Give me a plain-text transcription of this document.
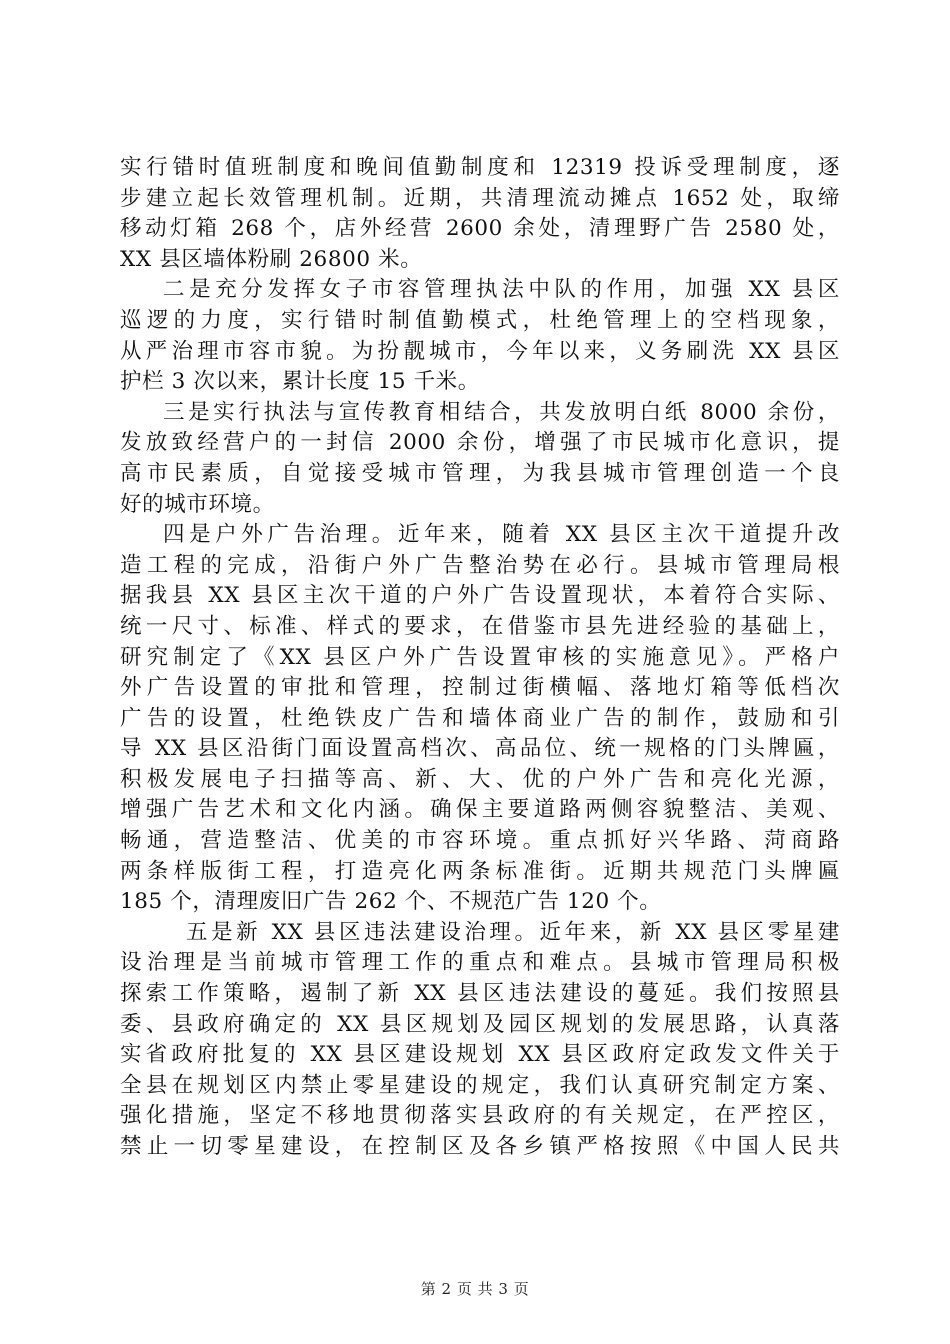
实行错时值班制度和晚间值勤制度和 12319 投诉受理制度，逐
步建立起长效管理机制。近期，共清理流动摊点 1652 处，取缔
移动灯箱 268 个，店外经营 2600 余处，清理野广告 2580 处，
XX 县区墙体粉刷 26800 米。
二是充分发挥女子市容管理执法中队的作用，加强 XX 县区
巡逻的力度，实行错时制值勤模式，杜绝管理上的空档现象，
从严治理市容市貌。为扮靓城市，今年以来，义务刷洗 XX 县区
护栏 3 次以来，累计长度 15 千米。
三是实行执法与宣传教育相结合，共发放明白纸 8000 余份，
发放致经营户的一封信 2000 余份，增强了市民城市化意识，提
高市民素质，自觉接受城市管理，为我县城市管理创造一个良
好的城市环境。
四是户外广告治理。近年来，随着 XX 县区主次干道提升改
造工程的完成，沿街户外广告整治势在必行。县城市管理局根
据我县 XX 县区主次干道的户外广告设置现状，本着符合实际、
统一尺寸、标准、样式的要求，在借鉴市县先进经验的基础上，
研究制定了《XX 县区户外广告设置审核的实施意见》。严格户
外广告设置的审批和管理，控制过街横幅、落地灯箱等低档次
广告的设置，杜绝铁皮广告和墙体商业广告的制作，鼓励和引
导 XX 县区沿街门面设置高档次、高品位、统一规格的门头牌匾，
积极发展电子扫描等高、新、大、优的户外广告和亮化光源，
增强广告艺术和文化内涵。确保主要道路两侧容貌整洁、美观、
畅通，营造整洁、优美的市容环境。重点抓好兴华路、菏商路
两条样版街工程，打造亮化两条标准街。近期共规范门头牌匾
185 个，清理废旧广告 262 个、不规范广告 120 个。
五是新 XX 县区违法建设治理。近年来，新 XX 县区零星建
设治理是当前城市管理工作的重点和难点。县城市管理局积极
探索工作策略，遏制了新 XX 县区违法建设的蔓延。我们按照县
委、县政府确定的 XX 县区规划及园区规划的发展思路，认真落
实省政府批复的 XX 县区建设规划 XX 县区政府定政发文件关于
全县在规划区内禁止零星建设的规定，我们认真研究制定方案、
强化措施，坚定不移地贯彻落实县政府的有关规定，在严控区，
禁止一切零星建设，在控制区及各乡镇严格按照《中国人民共
第 2 页 共 3 页
